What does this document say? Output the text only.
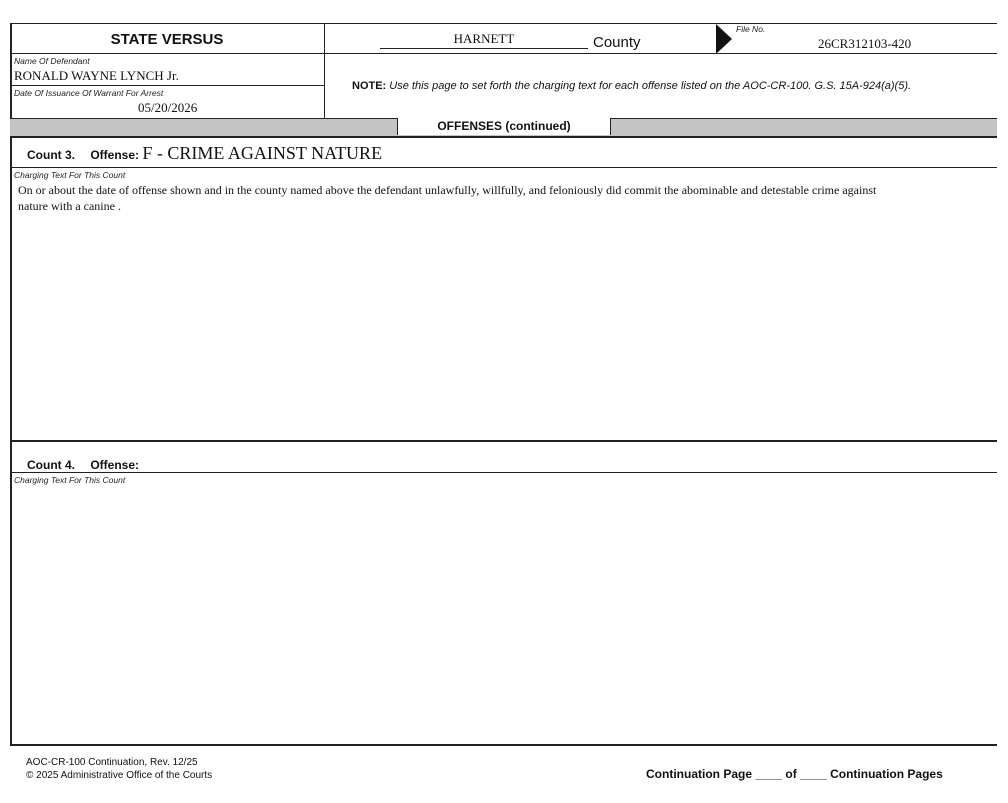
STATE VERSUS	HARNETT	County
File No.
26CR312103-420
Name Of Defendant
RONALD WAYNE LYNCH Jr.
Date Of Issuance Of Warrant For Arrest
05/20/2026
NOTE: Use this page to set forth the charging text for each offense listed on the AOC-CR-100. G.S. 15A-924(a)(5).
OFFENSES (continued)
Count 3. Offense: F - CRIME AGAINST NATURE
Charging Text For This Count
On or about the date of offense shown and in the county named above the defendant unlawfully, willfully, and feloniously did commit the abominable and detestable crime against
nature with a canine .
Count 4. Offense:
Charging Text For This Count
AOC-CR-100 Continuation, Rev. 12/25
© 2025 Administrative Office of the Courts	Continuation Page ____ of ____ Continuation Pages
